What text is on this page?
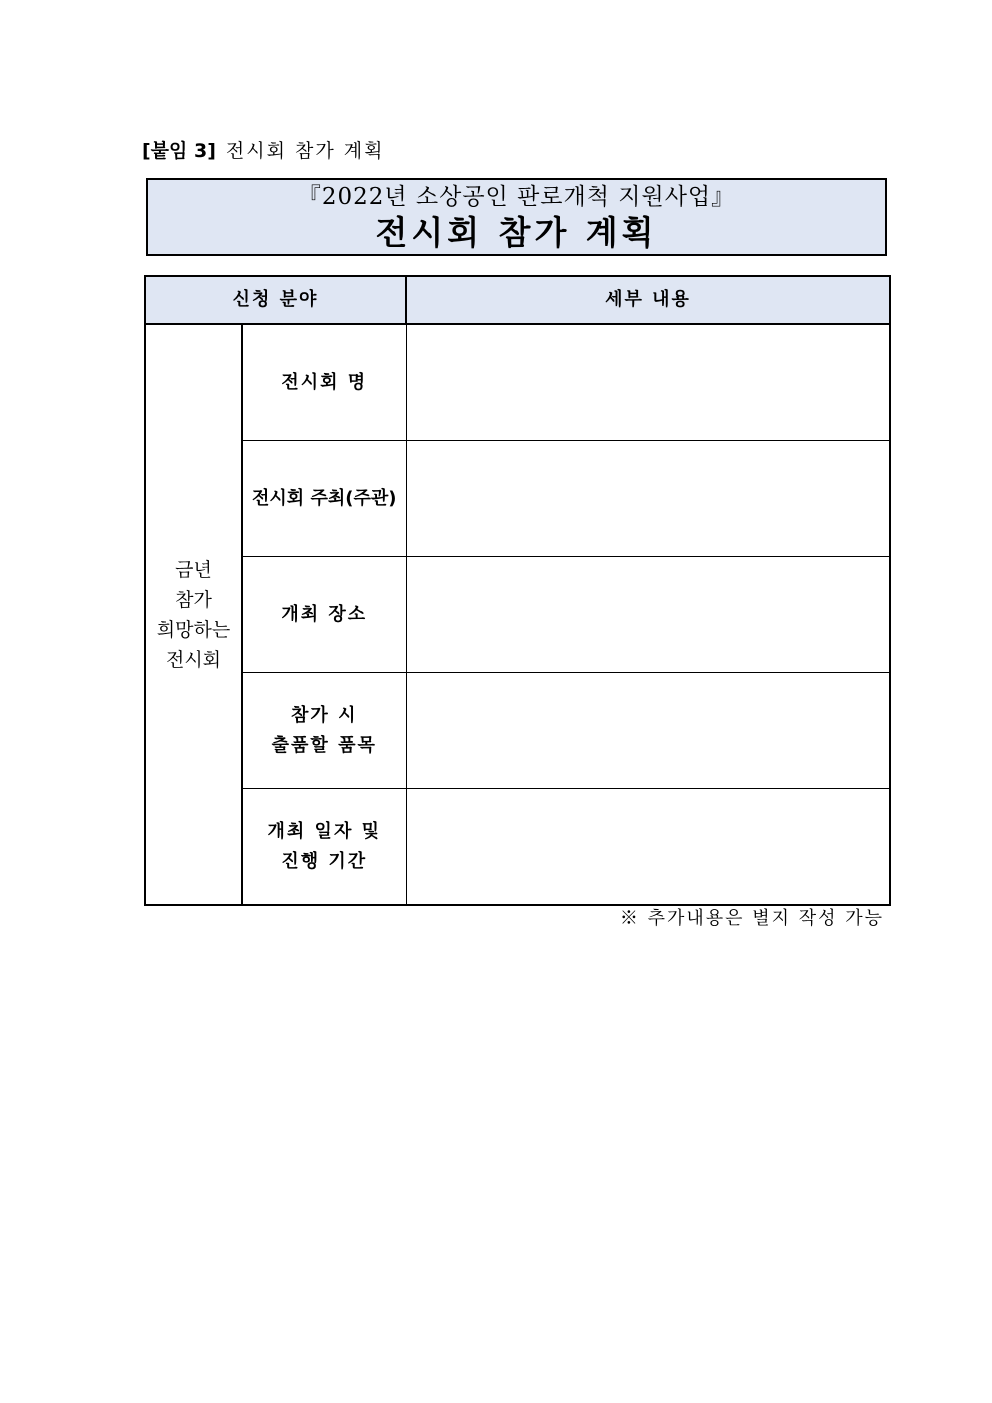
[붙임 3] 전시회 참가 계획
『2022년 소상공인 판로개척 지원사업』
전시회 참가 계획
신청 분야		세부 내용
금년
참가
희망하는
전시회	전시회 명	
	전시회 주최(주관)	
	개최 장소	
	참가 시
출품할 품목	
	개최 일자 및
진행 기간	
※ 추가내용은 별지 작성 가능
